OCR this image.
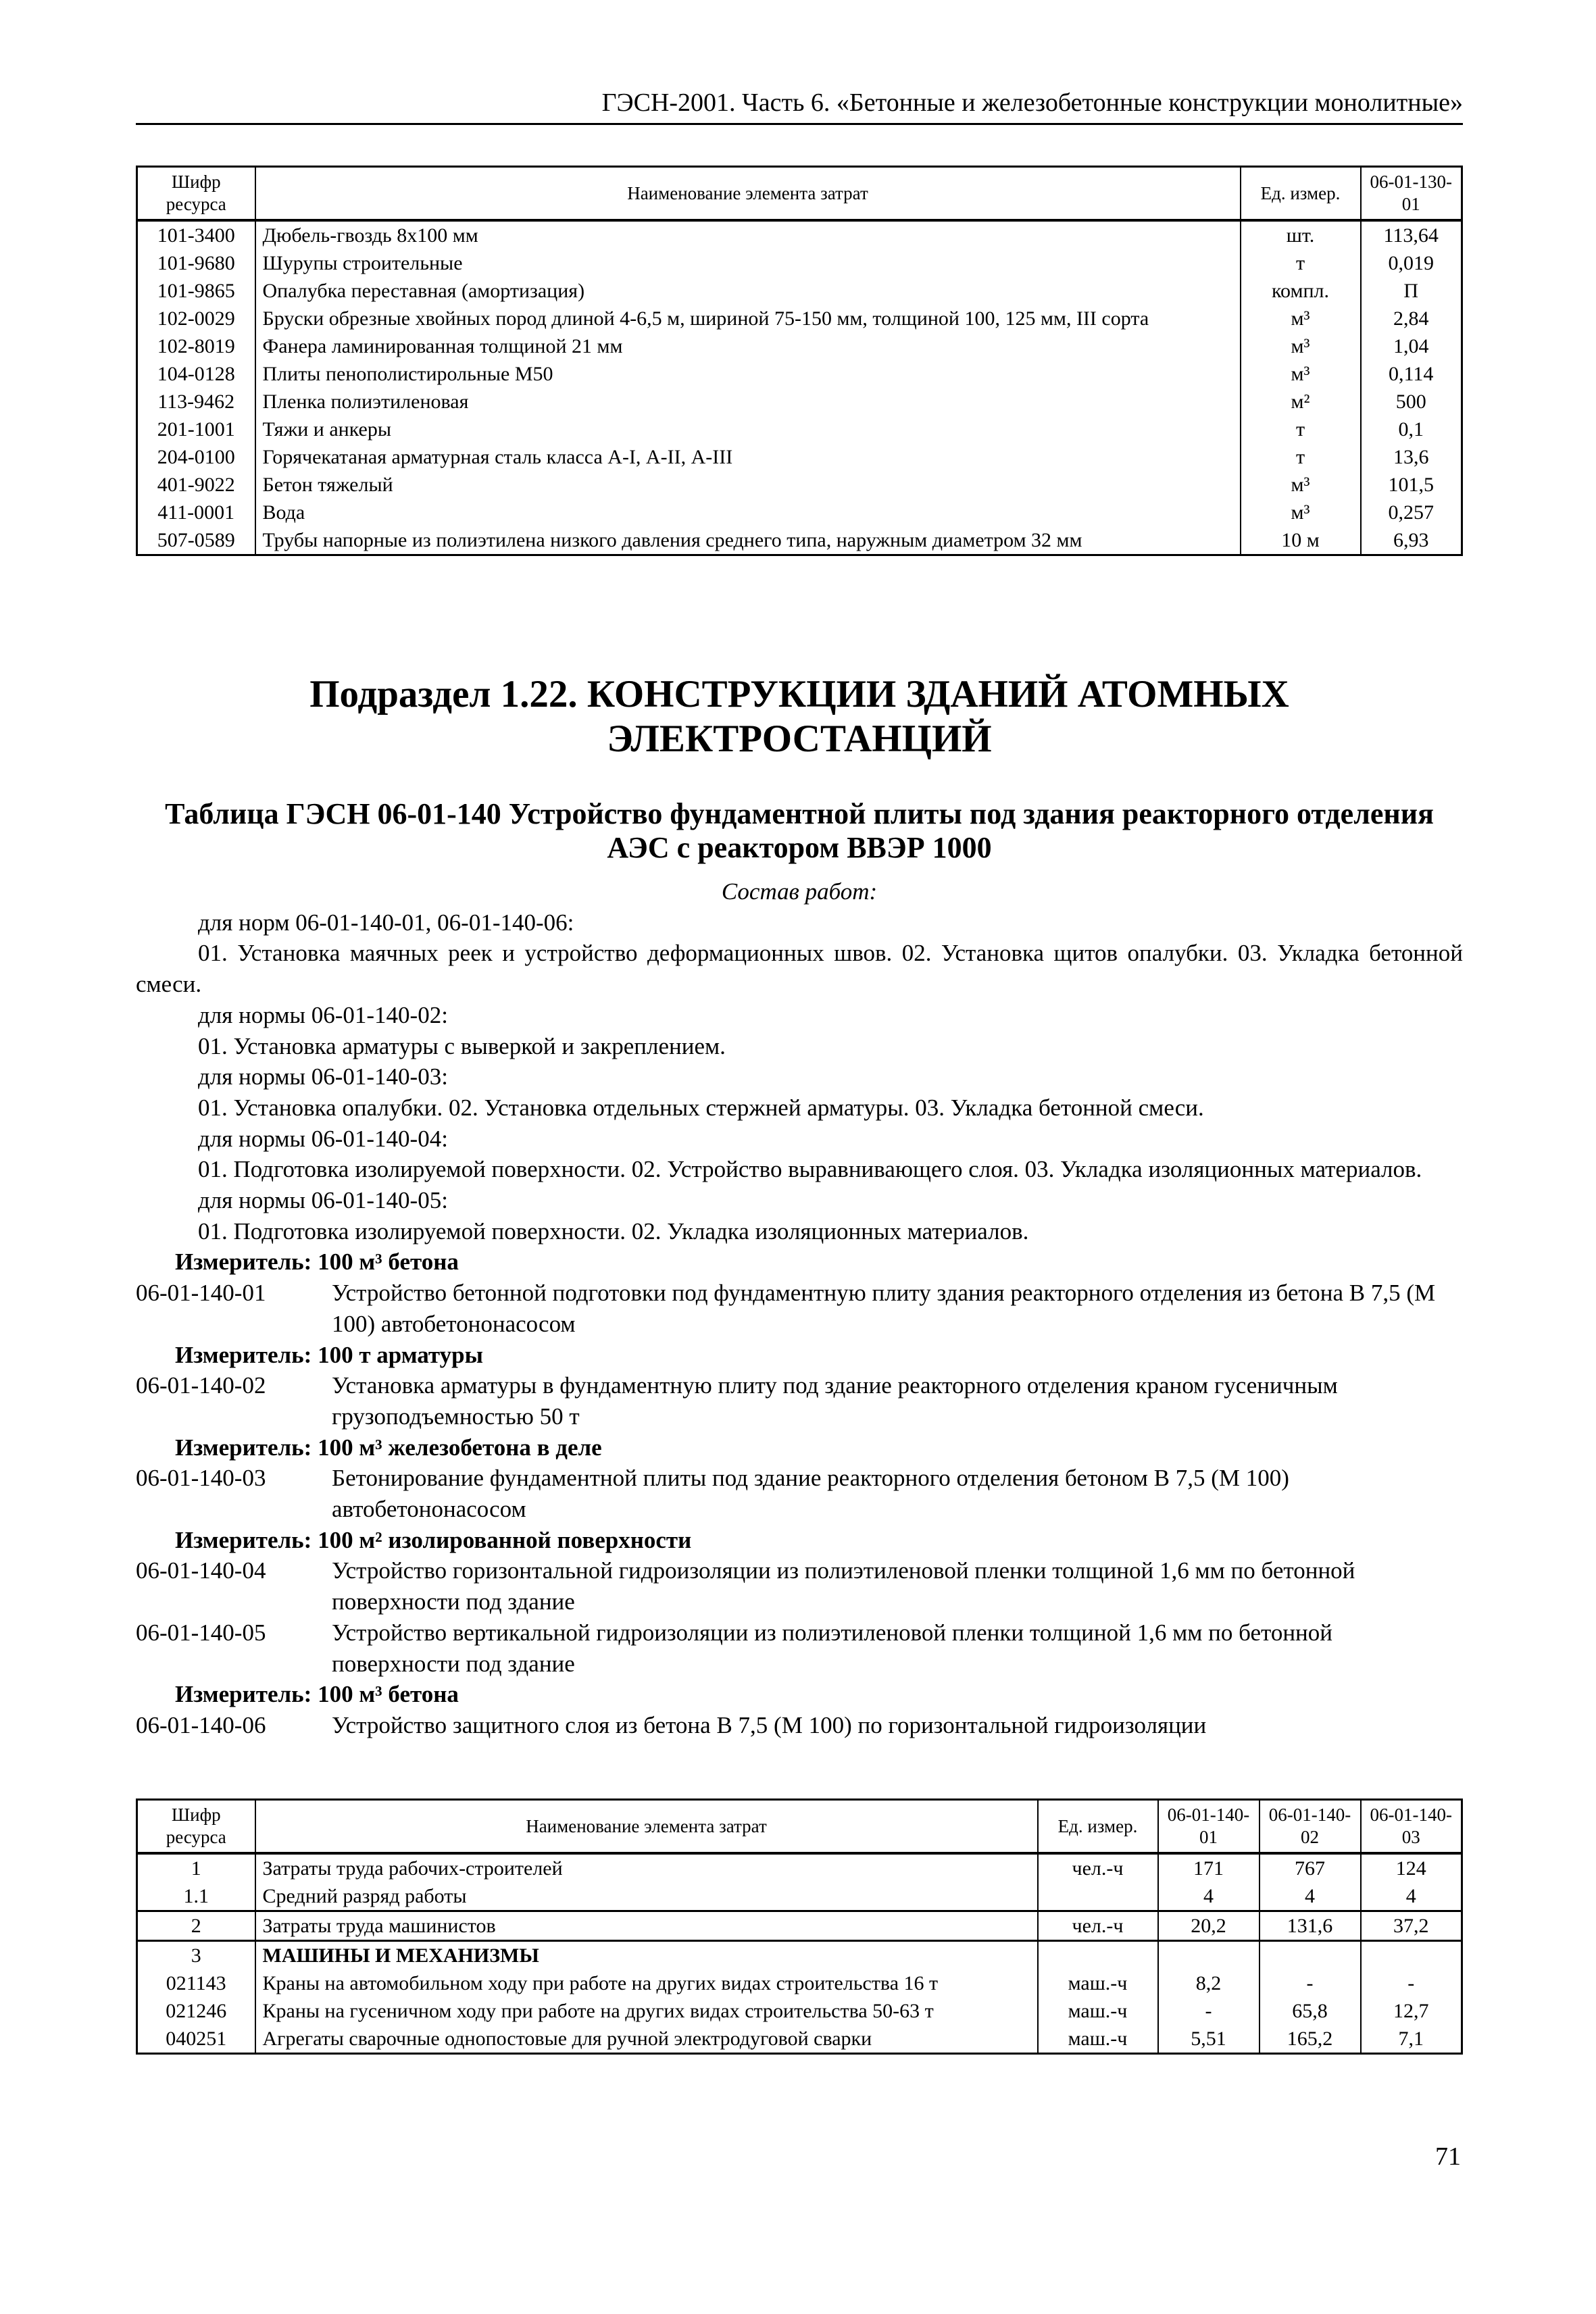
ГЭСН-2001. Часть 6. «Бетонные и железобетонные конструкции монолитные»
Шифр ресурса	Наименование элемента затрат	Ед. измер.	06-01-130-01
101-3400	Дюбель-гвоздь 8х100 мм	шт.	113,64
101-9680	Шурупы строительные	т	0,019
101-9865	Опалубка переставная (амортизация)	компл.	П
102-0029	Бруски обрезные хвойных пород длиной 4-6,5 м, шириной 75-150 мм, толщиной 100, 125 мм, III сорта	м³	2,84
102-8019	Фанера ламинированная толщиной 21 мм	м³	1,04
104-0128	Плиты пенополистирольные М50	м³	0,114
113-9462	Пленка полиэтиленовая	м²	500
201-1001	Тяжи и анкеры	т	0,1
204-0100	Горячекатаная арматурная сталь класса А-I, А-II, А-III	т	13,6
401-9022	Бетон тяжелый	м³	101,5
411-0001	Вода	м³	0,257
507-0589	Трубы напорные из полиэтилена низкого давления среднего типа, наружным диаметром 32 мм	10 м	6,93
Подраздел 1.22. КОНСТРУКЦИИ ЗДАНИЙ АТОМНЫХ ЭЛЕКТРОСТАНЦИЙ
Таблица ГЭСН 06-01-140 Устройство фундаментной плиты под здания реакторного отделения АЭС с реактором ВВЭР 1000

Состав работ:

для норм 06-01-140-01, 06-01-140-06:

01. Установка маячных реек и устройство деформационных швов. 02. Установка щитов опалубки. 03. Укладка бетонной смеси.

для нормы 06-01-140-02:

01. Установка арматуры с выверкой и закреплением.

для нормы 06-01-140-03:

01. Установка опалубки. 02. Установка отдельных стержней арматуры. 03. Укладка бетонной смеси.

для нормы 06-01-140-04:

01. Подготовка изолируемой поверхности. 02. Устройство выравнивающего слоя. 03. Укладка изоляционных материалов.

для нормы 06-01-140-05:

01. Подготовка изолируемой поверхности. 02. Укладка изоляционных материалов.

Измеритель: 100 м³ бетона

06-01-140-01	Устройство бетонной подготовки под фундаментную плиту здания реакторного отделения из бетона В 7,5 (М 100) автобетононасосом

Измеритель: 100 т арматуры

06-01-140-02	Установка арматуры в фундаментную плиту под здание реакторного отделения краном гусеничным грузоподъемностью 50 т

Измеритель: 100 м³ железобетона в деле

06-01-140-03	Бетонирование фундаментной плиты под здание реакторного отделения бетоном В 7,5 (М 100) автобетононасосом

Измеритель: 100 м² изолированной поверхности

06-01-140-04	Устройство горизонтальной гидроизоляции из полиэтиленовой пленки толщиной 1,6 мм по бетонной поверхности под здание
06-01-140-05	Устройство вертикальной гидроизоляции из полиэтиленовой пленки толщиной 1,6 мм по бетонной поверхности под здание

Измеритель: 100 м³ бетона

06-01-140-06	Устройство защитного слоя из бетона В 7,5 (М 100) по горизонтальной гидроизоляции
Шифр ресурса	Наименование элемента затрат	Ед. измер.	06-01-140-01	06-01-140-02	06-01-140-03
1	Затраты труда рабочих-строителей	чел.-ч	171	767	124
1.1	Средний разряд работы		4	4	4
2	Затраты труда машинистов	чел.-ч	20,2	131,6	37,2
3	МАШИНЫ И МЕХАНИЗМЫ				
021143	Краны на автомобильном ходу при работе на других видах строительства 16 т	маш.-ч	8,2	-	-
021246	Краны на гусеничном ходу при работе на других видах строительства 50-63 т	маш.-ч	-	65,8	12,7
040251	Агрегаты сварочные однопостовые для ручной электродуговой сварки	маш.-ч	5,51	165,2	7,1
71
